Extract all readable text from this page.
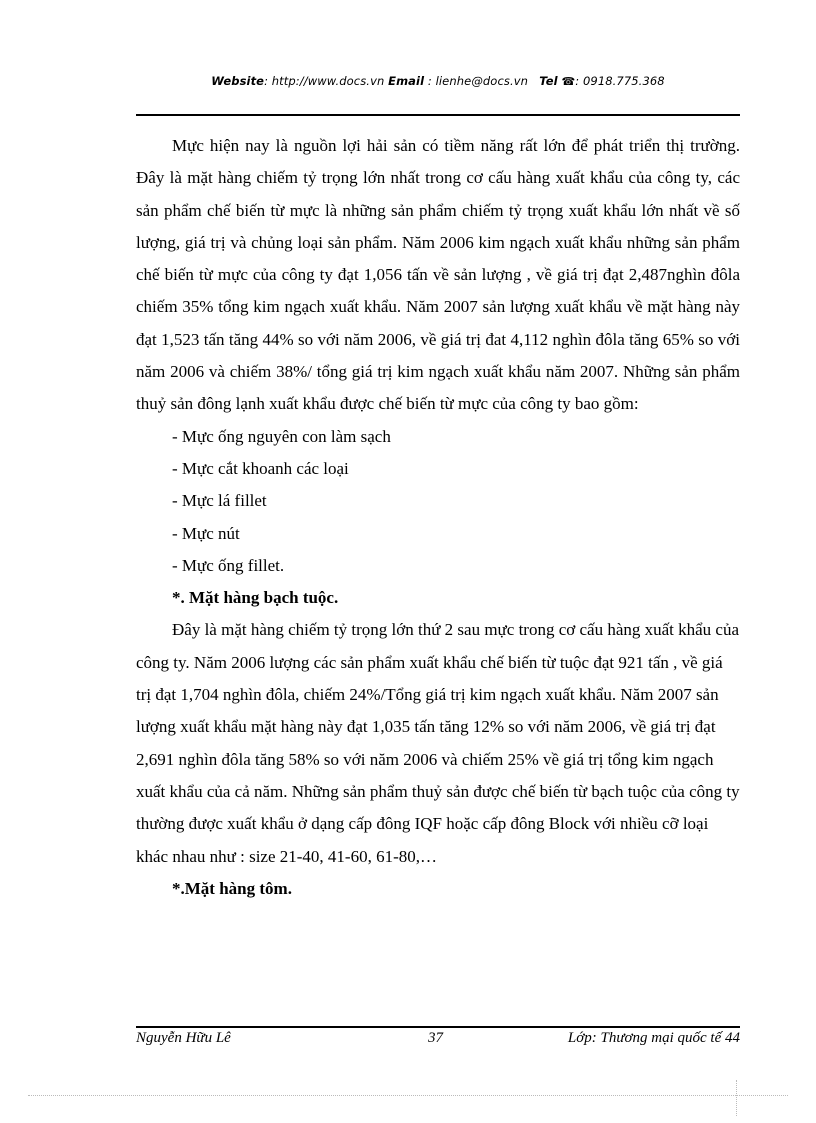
Website: http://www.docs.vn Email : lienhe@docs.vn Tel ☎: 0918.775.368

Mực hiện nay là nguồn lợi hải sản có tiềm năng rất lớn để phát triển thị trường. Đây là mặt hàng chiếm tỷ trọng lớn nhất trong cơ cấu hàng xuất khẩu của công ty, các sản phẩm chế biến từ mực là những sản phẩm chiếm tỷ trọng xuất khẩu lớn nhất về số lượng, giá trị và chủng loại sản phẩm. Năm 2006 kim ngạch xuất khẩu những sản phẩm chế biến từ mực của công ty đạt 1,056 tấn về sản lượng , về giá trị đạt 2,487nghìn đôla chiếm 35% tổng kim ngạch xuất khẩu. Năm 2007 sản lượng xuất khẩu về mặt hàng này đạt 1,523 tấn tăng 44% so với năm 2006, về giá trị đat 4,112 nghìn đôla tăng 65% so với năm 2006 và chiếm 38%/ tổng giá trị kim ngạch xuất khẩu năm 2007. Những sản phẩm thuỷ sản đông lạnh xuất khẩu được chế biến từ mực của công ty bao gồm:

- Mực ống nguyên con làm sạch

- Mực cắt khoanh các loại

- Mực lá fillet

- Mực nút

- Mực ống fillet.

*. Mặt hàng bạch tuộc.

Đây là mặt hàng chiếm tỷ trọng lớn thứ 2 sau mực trong cơ cấu hàng xuất khẩu của công ty. Năm 2006 lượng các sản phẩm xuất khẩu chế biến từ tuộc đạt 921 tấn , về giá trị đạt 1,704 nghìn đôla, chiếm 24%/Tổng giá trị kim ngạch xuất khẩu. Năm 2007 sản lượng xuất khẩu mặt hàng này đạt 1,035 tấn tăng 12% so với năm 2006, về giá trị đạt 2,691 nghìn đôla tăng 58% so với năm 2006 và chiếm 25% về giá trị tổng kim ngạch xuất khẩu của cả năm. Những sản phẩm thuỷ sản được chế biến từ bạch tuộc của công ty thường được xuất khẩu ở dạng cấp đông IQF hoặc cấp đông Block với nhiều cỡ loại khác nhau như : size 21-40, 41-60, 61-80,…

*.Mặt hàng tôm.

Nguyễn Hữu Lê	37	Lớp: Thương mại quốc tế 44
